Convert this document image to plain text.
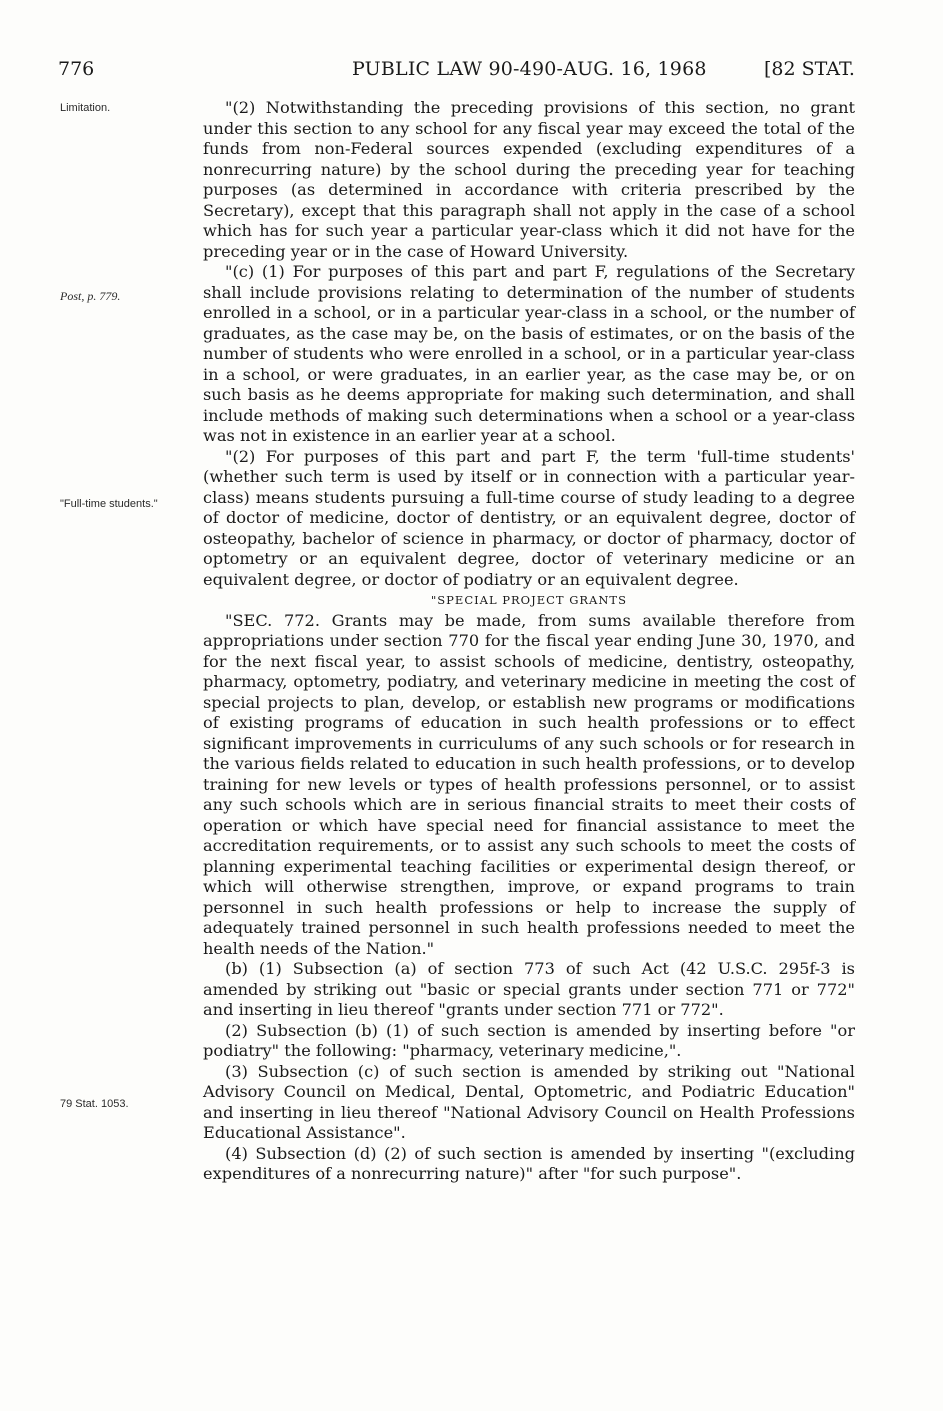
776	PUBLIC LAW 90-490-AUG. 16, 1968	[82 STAT.
Limitation.
Post, p. 779.
"Full-time students."
79 Stat. 1053.

"(2) Notwithstanding the preceding provisions of this section, no grant under this section to any school for any fiscal year may exceed the total of the funds from non-Federal sources expended (excluding expenditures of a nonrecurring nature) by the school during the preceding year for teaching purposes (as determined in accordance with criteria prescribed by the Secretary), except that this paragraph shall not apply in the case of a school which has for such year a particular year-class which it did not have for the preceding year or in the case of Howard University.

"(c) (1) For purposes of this part and part F, regulations of the Secretary shall include provisions relating to determination of the number of students enrolled in a school, or in a particular year-class in a school, or the number of graduates, as the case may be, on the basis of estimates, or on the basis of the number of students who were enrolled in a school, or in a particular year-class in a school, or were graduates, in an earlier year, as the case may be, or on such basis as he deems appropriate for making such determination, and shall include methods of making such determinations when a school or a year-class was not in existence in an earlier year at a school.

"(2) For purposes of this part and part F, the term 'full-time students' (whether such term is used by itself or in connection with a particular year-class) means students pursuing a full-time course of study leading to a degree of doctor of medicine, doctor of dentistry, or an equivalent degree, doctor of osteopathy, bachelor of science in pharmacy, or doctor of pharmacy, doctor of optometry or an equivalent degree, doctor of veterinary medicine or an equivalent degree, or doctor of podiatry or an equivalent degree.

"SPECIAL PROJECT GRANTS

"SEC. 772. Grants may be made, from sums available therefore from appropriations under section 770 for the fiscal year ending June 30, 1970, and for the next fiscal year, to assist schools of medicine, dentistry, osteopathy, pharmacy, optometry, podiatry, and veterinary medicine in meeting the cost of special projects to plan, develop, or establish new programs or modifications of existing programs of education in such health professions or to effect significant improvements in curriculums of any such schools or for research in the various fields related to education in such health professions, or to develop training for new levels or types of health professions personnel, or to assist any such schools which are in serious financial straits to meet their costs of operation or which have special need for financial assistance to meet the accreditation requirements, or to assist any such schools to meet the costs of planning experimental teaching facilities or experimental design thereof, or which will otherwise strengthen, improve, or expand programs to train personnel in such health professions or help to increase the supply of adequately trained personnel in such health professions needed to meet the health needs of the Nation."

(b) (1) Subsection (a) of section 773 of such Act (42 U.S.C. 295f-3 is amended by striking out "basic or special grants under section 771 or 772" and inserting in lieu thereof "grants under section 771 or 772".

(2) Subsection (b) (1) of such section is amended by inserting before "or podiatry" the following: "pharmacy, veterinary medicine,".

(3) Subsection (c) of such section is amended by striking out "National Advisory Council on Medical, Dental, Optometric, and Podiatric Education" and inserting in lieu thereof "National Advisory Council on Health Professions Educational Assistance".

(4) Subsection (d) (2) of such section is amended by inserting "(excluding expenditures of a nonrecurring nature)" after "for such purpose".
